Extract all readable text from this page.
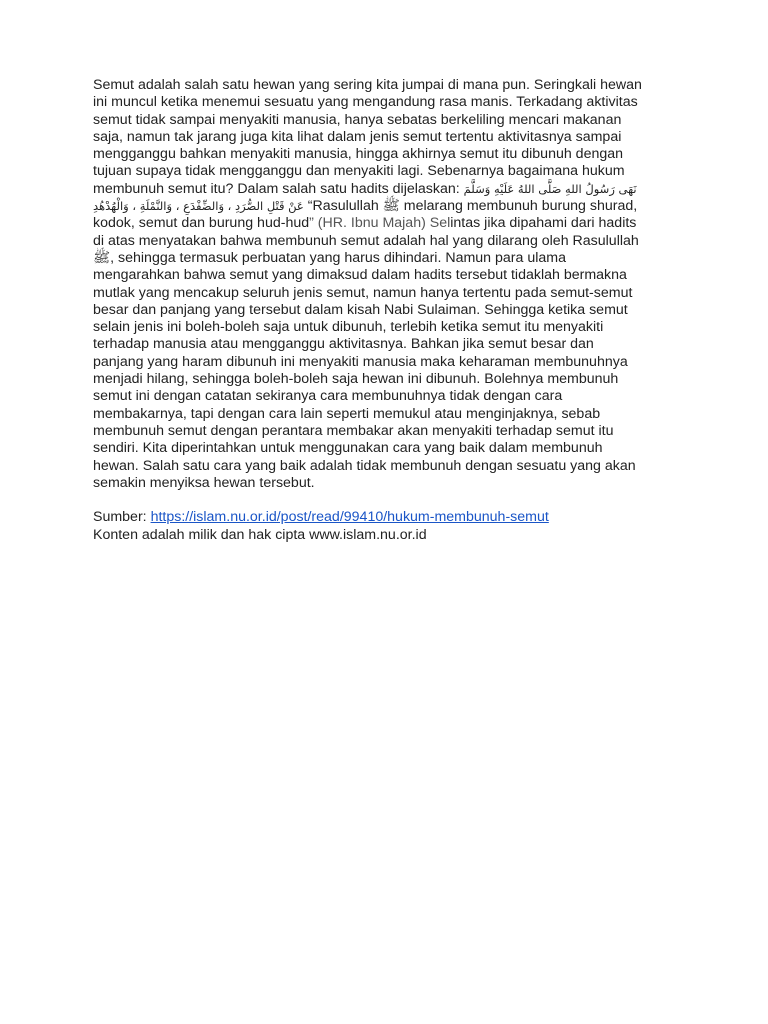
Semut adalah salah satu hewan yang sering kita jumpai di mana pun. Seringkali hewan
ini muncul ketika menemui sesuatu yang mengandung rasa manis. Terkadang aktivitas
semut tidak sampai menyakiti manusia, hanya sebatas berkeliling mencari makanan
saja, namun tak jarang juga kita lihat dalam jenis semut tertentu aktivitasnya sampai
mengganggu bahkan menyakiti manusia, hingga akhirnya semut itu dibunuh dengan
tujuan supaya tidak mengganggu dan menyakiti lagi. Sebenarnya bagaimana hukum
membunuh semut itu? Dalam salah satu hadits dijelaskan: نَهَى رَسُولُ اللهِ صَلَّى اللهُ عَلَيْهِ وَسَلَّمَ
عَنْ قَتْلِ الصُّرَدِ ، وَالضِّفْدَعِ ، وَالنَّمْلَةِ ، وَالْهُدْهُدِ “Rasulullah ﷺ melarang membunuh burung shurad,
kodok, semut dan burung hud-hud” (HR. Ibnu Majah) Selintas jika dipahami dari hadits
di atas menyatakan bahwa membunuh semut adalah hal yang dilarang oleh Rasulullah
ﷺ, sehingga termasuk perbuatan yang harus dihindari. Namun para ulama
mengarahkan bahwa semut yang dimaksud dalam hadits tersebut tidaklah bermakna
mutlak yang mencakup seluruh jenis semut, namun hanya tertentu pada semut-semut
besar dan panjang yang tersebut dalam kisah Nabi Sulaiman. Sehingga ketika semut
selain jenis ini boleh-boleh saja untuk dibunuh, terlebih ketika semut itu menyakiti
terhadap manusia atau mengganggu aktivitasnya. Bahkan jika semut besar dan
panjang yang haram dibunuh ini menyakiti manusia maka keharaman membunuhnya
menjadi hilang, sehingga boleh-boleh saja hewan ini dibunuh. Bolehnya membunuh
semut ini dengan catatan sekiranya cara membunuhnya tidak dengan cara
membakarnya, tapi dengan cara lain seperti memukul atau menginjaknya, sebab
membunuh semut dengan perantara membakar akan menyakiti terhadap semut itu
sendiri. Kita diperintahkan untuk menggunakan cara yang baik dalam membunuh
hewan. Salah satu cara yang baik adalah tidak membunuh dengan sesuatu yang akan
semakin menyiksa hewan tersebut.
Sumber: https://islam.nu.or.id/post/read/99410/hukum-membunuh-semut
Konten adalah milik dan hak cipta www.islam.nu.or.id
